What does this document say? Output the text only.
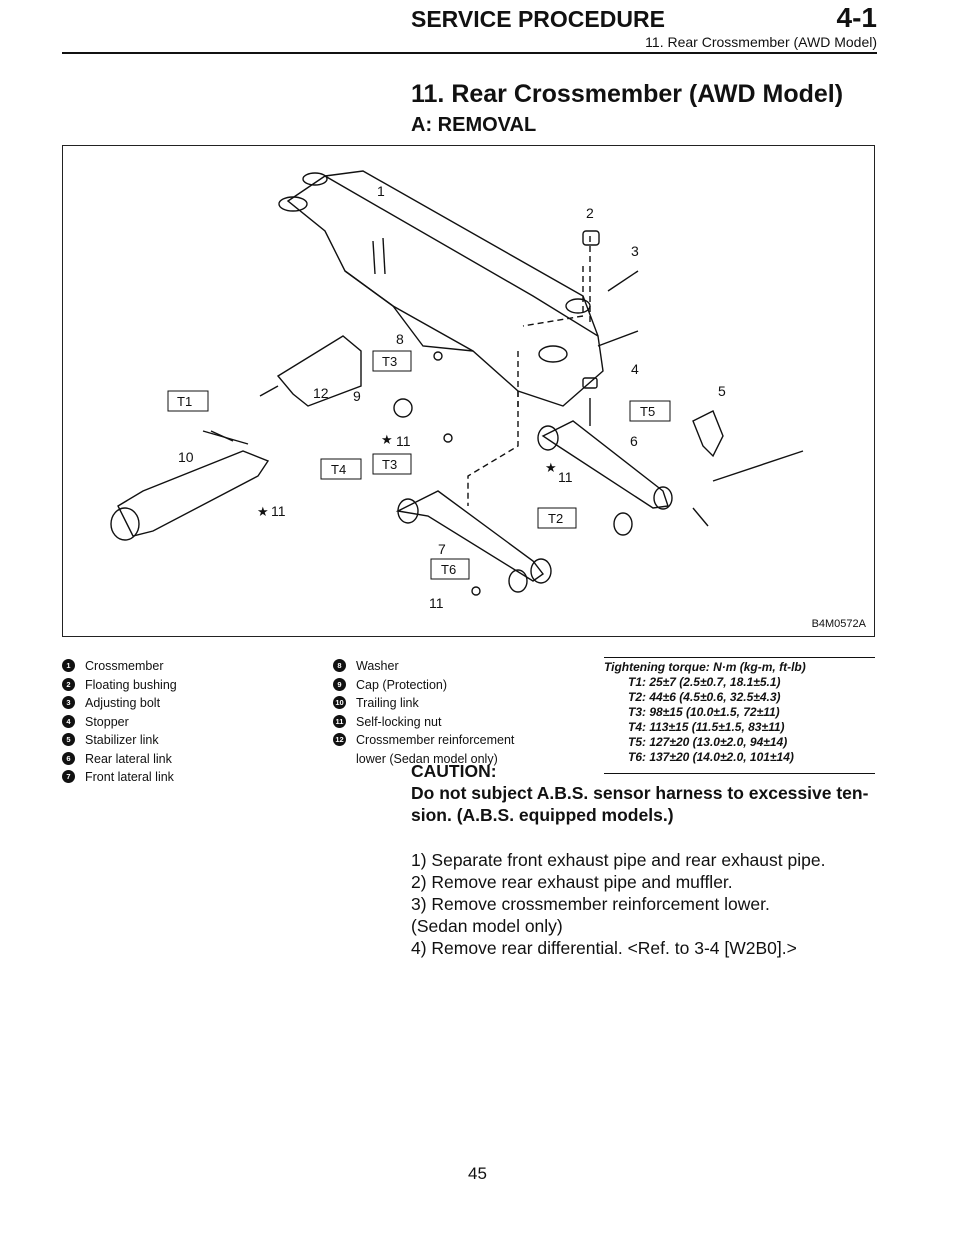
SERVICE PROCEDURE	4-1
11. Rear Crossmember (AWD Model)
11. Rear Crossmember (AWD Model)
A: REMOVAL
1
2
3
4
5
6
7
8
9
10
11
11
11
11
12
★
★
★
T1
T2
T3
T3
T4
T5
T6
B4M0572A
1	Crossmember
2	Floating bushing
3	Adjusting bolt
4	Stopper
5	Stabilizer link
6	Rear lateral link
7	Front lateral link
8	Washer
9	Cap (Protection)
10 Trailing link
11 Self-locking nut
12 Crossmember reinforcement
lower (Sedan model only)
Tightening torque: N·m (kg-m, ft-lb)
T1: 25±7 (2.5±0.7, 18.1±5.1)
T2: 44±6 (4.5±0.6, 32.5±4.3)
T3: 98±15 (10.0±1.5, 72±11)
T4: 113±15 (11.5±1.5, 83±11)
T5: 127±20 (13.0±2.0, 94±14)
T6: 137±20 (14.0±2.0, 101±14)
CAUTION:
Do not subject A.B.S. sensor harness to excessive ten- sion. (A.B.S. equipped models.)
1) Separate front exhaust pipe and rear exhaust pipe.
2) Remove rear exhaust pipe and muffler.
3) Remove crossmember reinforcement lower.
(Sedan model only)
4) Remove rear differential. <Ref. to 3-4 [W2B0].>
45
